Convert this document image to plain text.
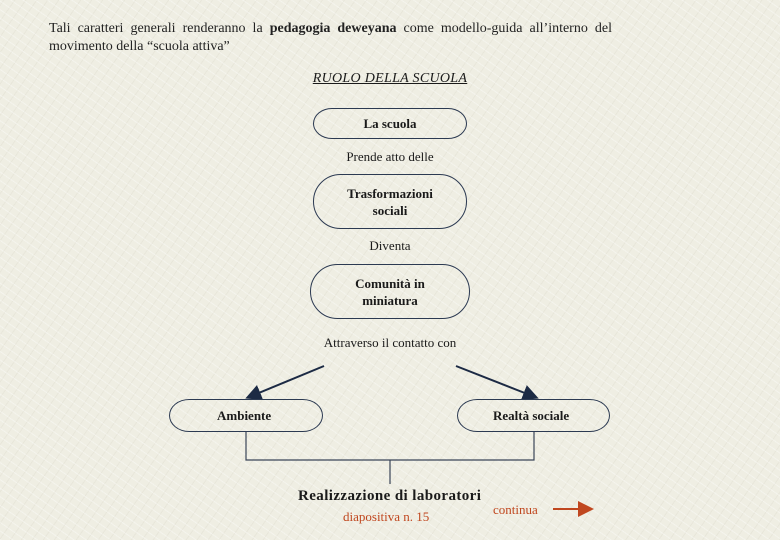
Tali caratteri generali renderanno la pedagogia deweyana come modello-guida all’interno del movimento della “scuola attiva”
RUOLO DELLA SCUOLA
La scuola
Prende atto delle
Trasformazioni
sociali
Diventa
Comunità in
miniatura
Attraverso il contatto con
Ambiente	Realtà sociale
Realizzazione di laboratori
diapositiva n. 15	continua
